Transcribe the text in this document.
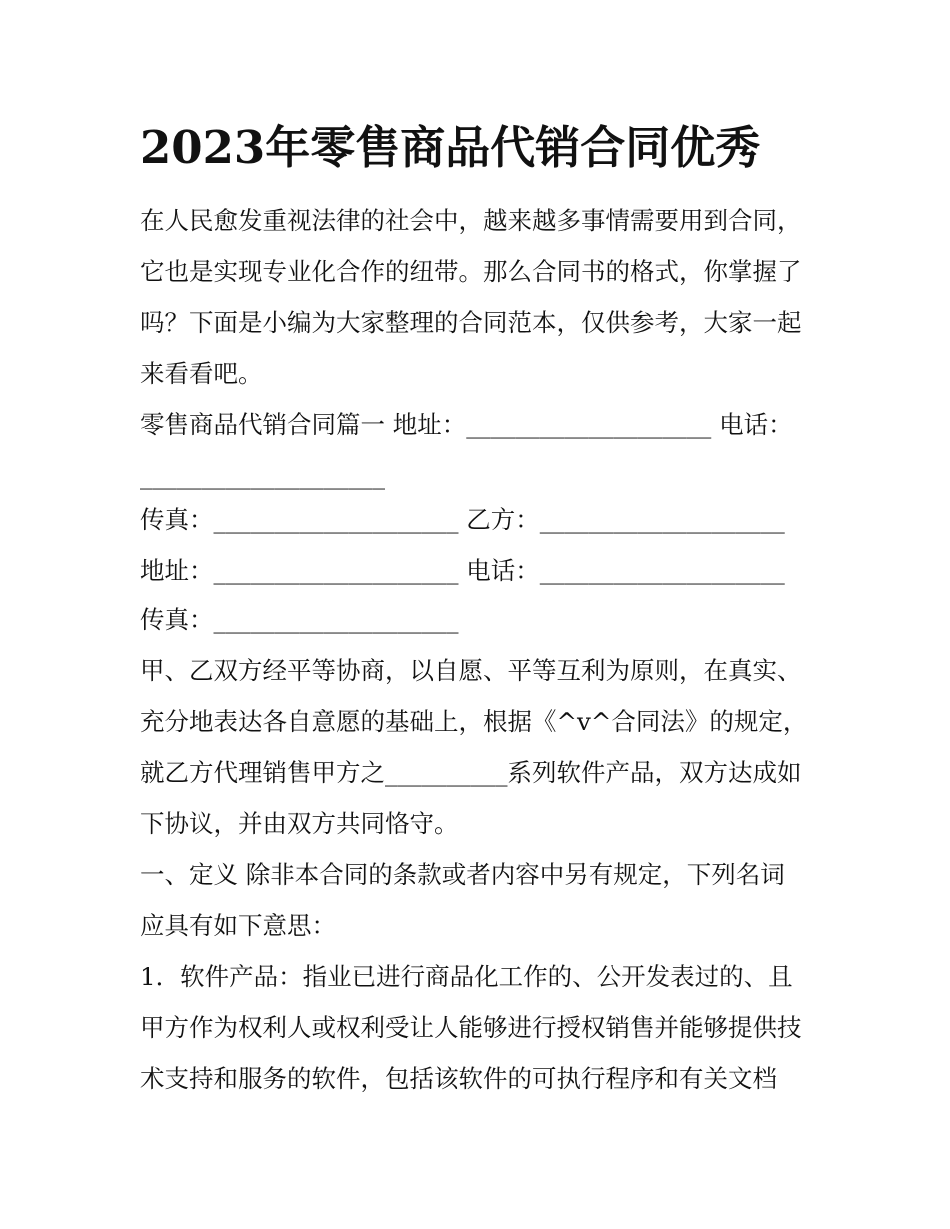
2023年零售商品代销合同优秀
在人民愈发重视法律的社会中，越来越多事情需要用到合同，
它也是实现专业化合作的纽带。那么合同书的格式，你掌握了
吗？下面是小编为大家整理的合同范本，仅供参考，大家一起
来看看吧。
零售商品代销合同篇一 地址：____________________ 电话：
____________________
传真：____________________ 乙方：____________________
地址：____________________ 电话：____________________
传真：____________________
甲、乙双方经平等协商，以自愿、平等互利为原则，在真实、
充分地表达各自意愿的基础上，根据《^v^合同法》的规定，
就乙方代理销售甲方之__________系列软件产品，双方达成如
下协议，并由双方共同恪守。
一、定义 除非本合同的条款或者内容中另有规定，下列名词
应具有如下意思：
1．软件产品：指业已进行商品化工作的、公开发表过的、且
甲方作为权利人或权利受让人能够进行授权销售并能够提供技
术支持和服务的软件，包括该软件的可执行程序和有关文档
